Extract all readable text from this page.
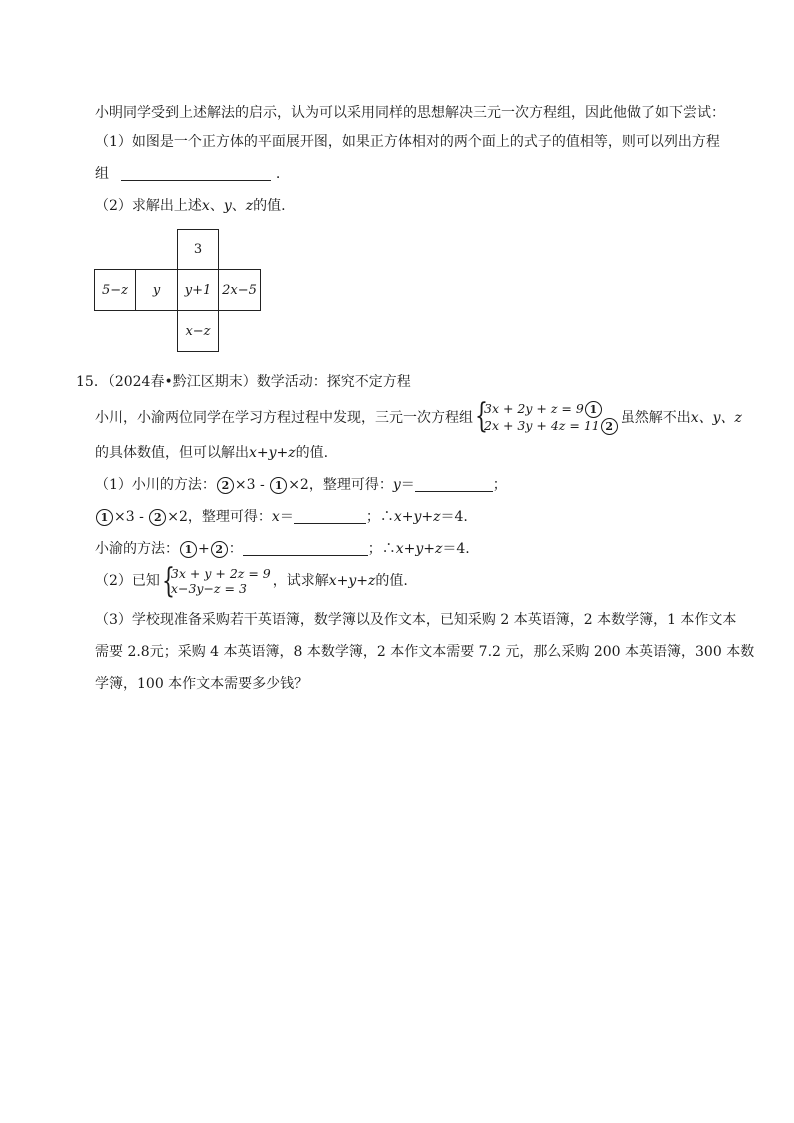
小明同学受到上述解法的启示，认为可以采用同样的思想解决三元一次方程组，因此他做了如下尝试：
（1）如图是一个正方体的平面展开图，如果正方体相对的两个面上的式子的值相等，则可以列出方程
组	.
（2）求解出上述x、y、z的值.
3
5−z y y+1 2x−5
x−z
15．（2024春•黔江区期末）数学活动：探究不定方程
小川，小渝两位同学在学习方程过程中发现，三元一次方程组 {
3x + 2y + z = 9 1
2x + 3y + 4z = 11 2
虽然解不出x、y、z
的具体数值，但可以解出x+y+z的值.
（1）小川的方法： 2 ×3 - 1 ×2，整理可得：y＝	；
1 ×3 - 2 ×2，整理可得：x＝	；∴x+y+z＝4.
小渝的方法： 1 + 2 ：	；∴x+y+z＝4.
（2）已知 {
3x + y + 2z = 9
x−3y−z = 3	，试求解x+y+z的值.
（3）学校现准备采购若干英语簿，数学簿以及作文本，已知采购 2 本英语簿，2 本数学簿，1 本作文本
需要 2.8元；采购 4 本英语簿，8 本数学簿，2 本作文本需要 7.2 元，那么采购 200 本英语簿，300 本数
学簿，100 本作文本需要多少钱？
